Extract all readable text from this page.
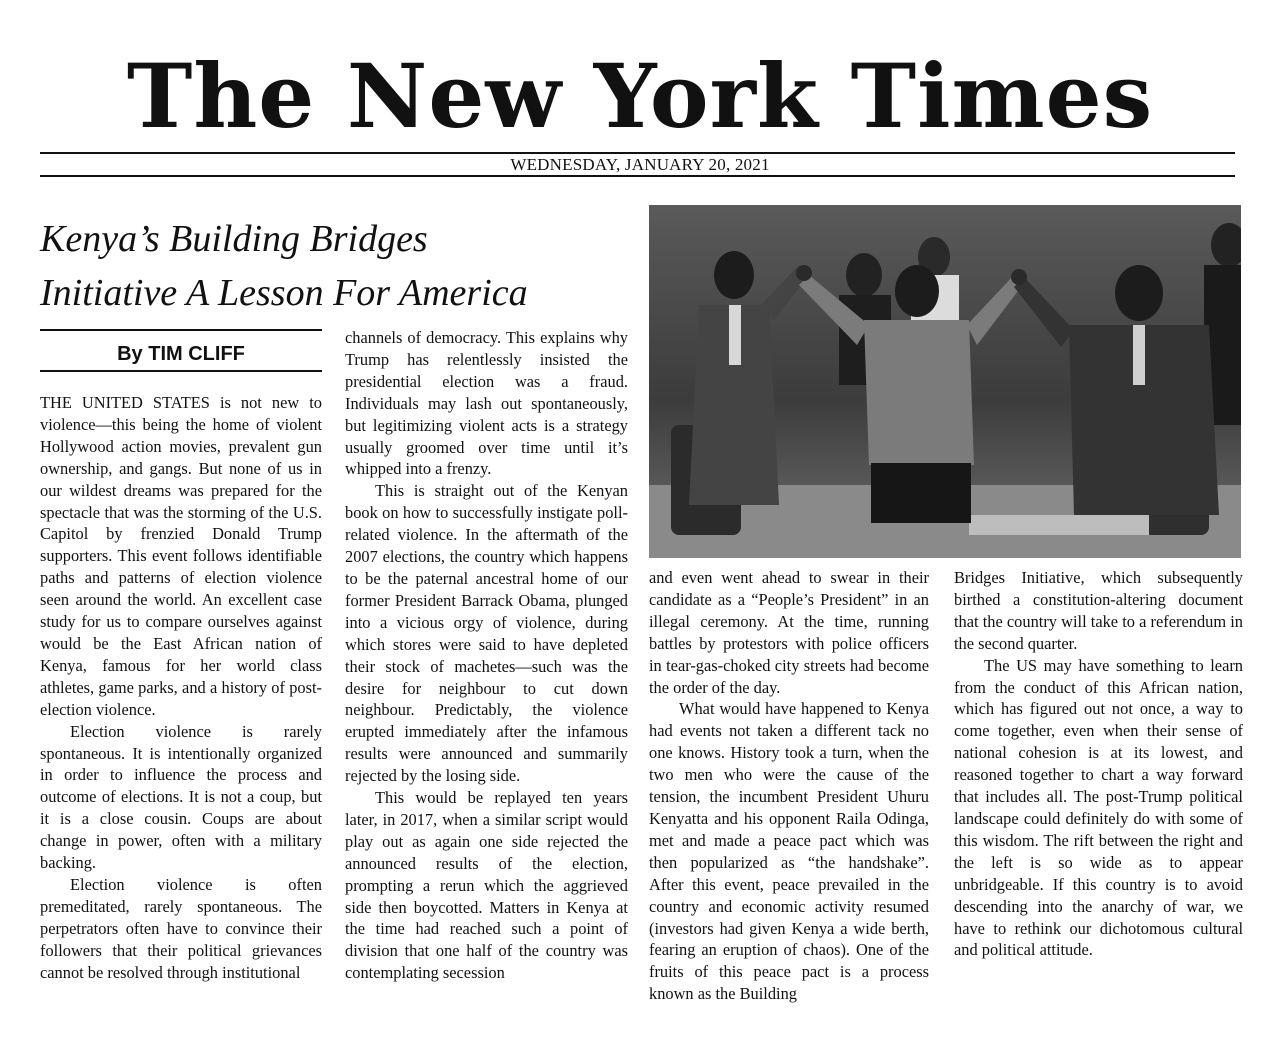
The New York Times
WEDNESDAY, JANUARY 20, 2021
Kenya’s Building Bridges
Initiative A Lesson For America
By TIM CLIFF

THE UNITED STATES is not new to violence—this being the home of violent Hollywood action movies, prevalent gun ownership, and gangs. But none of us in our wildest dreams was prepared for the spectacle that was the storming of the U.S. Capitol by frenzied Donald Trump supporters. This event follows identifiable paths and patterns of election violence seen around the world. An excellent case study for us to compare ourselves against would be the East African nation of Kenya, famous for her world class athletes, game parks, and a history of post-election violence.

Election violence is rarely spontaneous. It is intentionally organized in order to influence the process and outcome of elections. It is not a coup, but it is a close cousin. Coups are about change in power, often with a military backing.

Election violence is often premeditated, rarely spontaneous. The perpetrators often have to convince their followers that their political grievances cannot be resolved through institutional

channels of democracy. This explains why Trump has relentlessly insisted the presidential election was a fraud. Individuals may lash out spontaneously, but legitimizing violent acts is a strategy usually groomed over time until it’s whipped into a frenzy.

This is straight out of the Kenyan book on how to successfully instigate poll-related violence. In the aftermath of the 2007 elections, the country which happens to be the paternal ancestral home of our former President Barrack Obama, plunged into a vicious orgy of violence, during which stores were said to have depleted their stock of machetes—such was the desire for neighbour to cut down neighbour. Predictably, the violence erupted immediately after the infamous results were announced and summarily rejected by the losing side.

This would be replayed ten years later, in 2017, when a similar script would play out as again one side rejected the announced results of the election, prompting a rerun which the aggrieved side then boycotted. Matters in Kenya at the time had reached such a point of division that one half of the country was contemplating secession

and even went ahead to swear in their candidate as a “People’s President” in an illegal ceremony. At the time, running battles by protestors with police officers in tear-gas-choked city streets had become the order of the day.

What would have happened to Kenya had events not taken a different tack no one knows. History took a turn, when the two men who were the cause of the tension, the incumbent President Uhuru Kenyatta and his opponent Raila Odinga, met and made a peace pact which was then popularized as “the handshake”. After this event, peace prevailed in the country and economic activity resumed (investors had given Kenya a wide berth, fearing an eruption of chaos). One of the fruits of this peace pact is a process known as the Building

Bridges Initiative, which subsequently birthed a constitution-altering document that the country will take to a referendum in the second quarter.

The US may have something to learn from the conduct of this African nation, which has figured out not once, a way to come together, even when their sense of national cohesion is at its lowest, and reasoned together to chart a way forward that includes all. The post-Trump political landscape could definitely do with some of this wisdom. The rift between the right and the left is so wide as to appear unbridgeable. If this country is to avoid descending into the anarchy of war, we have to rethink our dichotomous cultural and political attitude.
